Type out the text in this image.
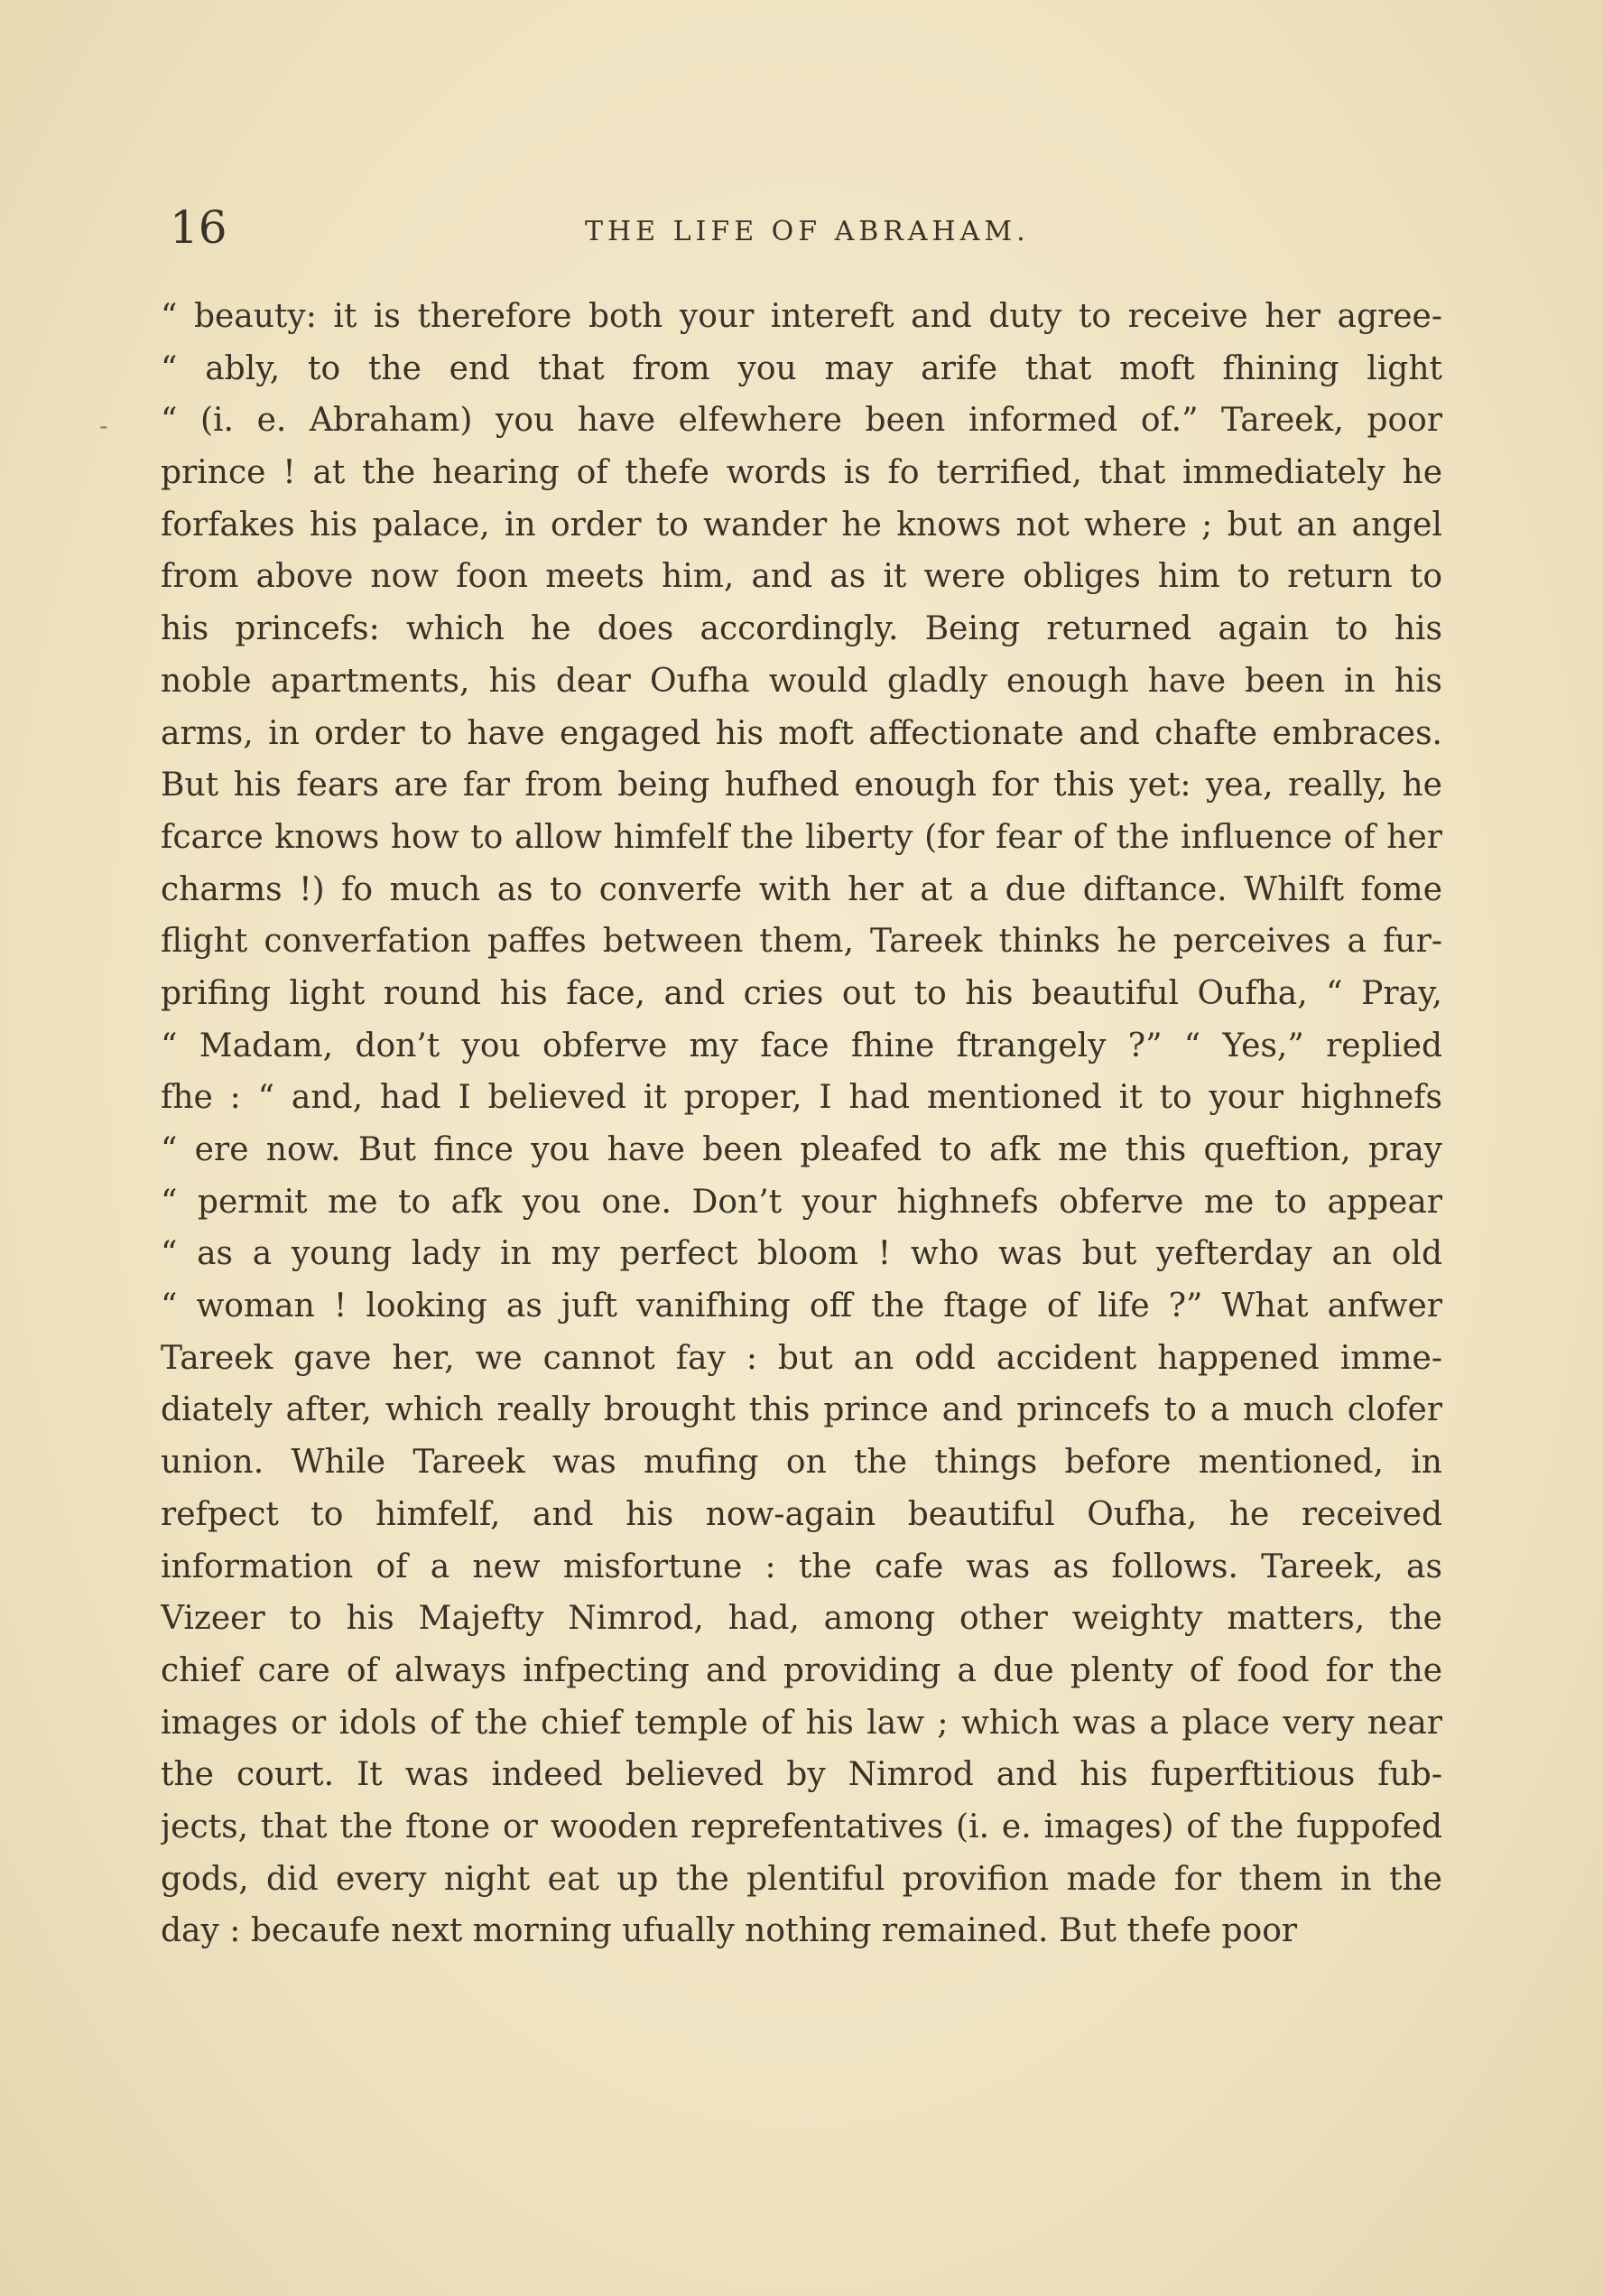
16	THE LIFE OF ABRAHAM.
-
“ beauty: it is therefore both your intereft and duty to receive her agree-
“ ably, to the end that from you may arife that moft fhining light
“ (i. e. Abraham) you have elfewhere been informed of.” Tareek, poor
prince ! at the hearing of thefe words is fo terrified, that immediately he
forfakes his palace, in order to wander he knows not where ; but an angel
from above now foon meets him, and as it were obliges him to return to
his princefs: which he does accordingly. Being returned again to his
noble apartments, his dear Oufha would gladly enough have been in his
arms, in order to have engaged his moft affectionate and chafte embraces.
But his fears are far from being hufhed enough for this yet: yea, really, he
fcarce knows how to allow himfelf the liberty (for fear of the influence of her
charms !) fo much as to converfe with her at a due diftance. Whilft fome
flight converfation paffes between them, Tareek thinks he perceives a fur-
prifing light round his face, and cries out to his beautiful Oufha, “ Pray,
“ Madam, don’t you obferve my face fhine ftrangely ?” “ Yes,” replied
fhe : “ and, had I believed it proper, I had mentioned it to your highnefs
“ ere now. But fince you have been pleafed to afk me this queftion, pray
“ permit me to afk you one. Don’t your highnefs obferve me to appear
“ as a young lady in my perfect bloom ! who was but yefterday an old
“ woman ! looking as juft vanifhing off the ftage of life ?” What anfwer
Tareek gave her, we cannot fay : but an odd accident happened imme-
diately after, which really brought this prince and princefs to a much clofer
union. While Tareek was mufing on the things before mentioned, in
refpect to himfelf, and his now-again beautiful Oufha, he received
information of a new misfortune : the cafe was as follows. Tareek, as
Vizeer to his Majefty Nimrod, had, among other weighty matters, the
chief care of always infpecting and providing a due plenty of food for the
images or idols of the chief temple of his law ; which was a place very near
the court. It was indeed believed by Nimrod and his fuperftitious fub-
jects, that the ftone or wooden reprefentatives (i. e. images) of the fuppofed
gods, did every night eat up the plentiful provifion made for them in the
day : becaufe next morning ufually nothing remained. But thefe poor
